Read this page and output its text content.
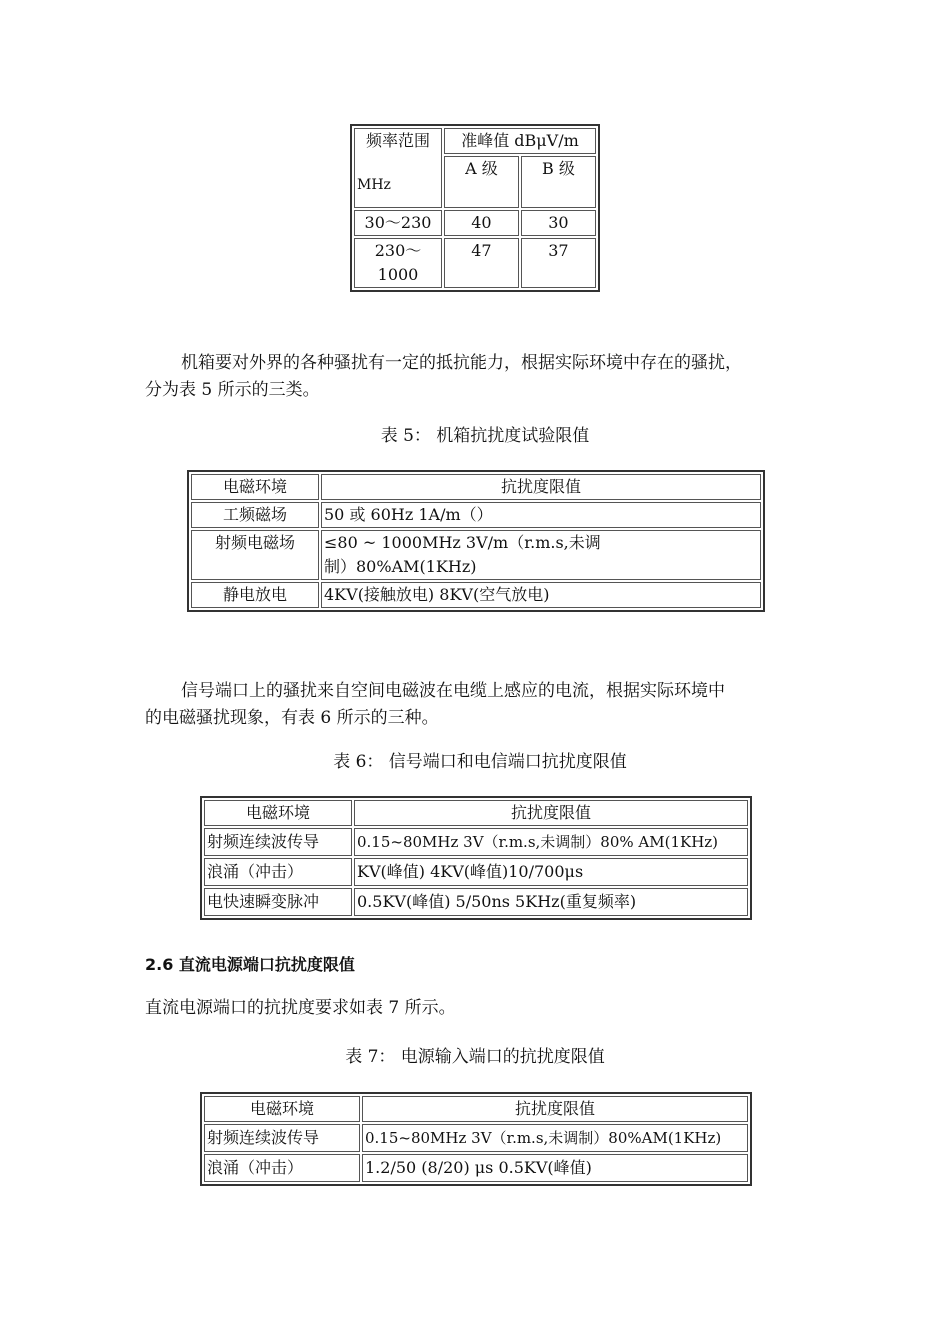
频率范围
MHz	准峰值 dBμV/m	
	A 级	B 级
30～230	40	30

230～
1000	47	37
机箱要对外界的各种骚扰有一定的抵抗能力，根据实际环境中存在的骚扰，
分为表 5 所示的三类。
表 5： 机箱抗扰度试验限值
电磁环境	抗扰度限值
工频磁场	50 或 60Hz 1A/m（）
射频电磁场	≤80 ~ 1000MHz 3V/m（r.m.s,未调
制）80%AM(1KHz)

静电放电	4KV(接触放电) 8KV(空气放电)
信号端口上的骚扰来自空间电磁波在电缆上感应的电流，根据实际环境中
的电磁骚扰现象，有表 6 所示的三种。
表 6： 信号端口和电信端口抗扰度限值
电磁环境	抗扰度限值
射频连续波传导	0.15~80MHz 3V（r.m.s,未调制）80% AM(1KHz)
浪涌（冲击）	KV(峰值) 4KV(峰值)10/700μs
电快速瞬变脉冲	0.5KV(峰值) 5/50ns 5KHz(重复频率)
2.6 直流电源端口抗扰度限值
直流电源端口的抗扰度要求如表 7 所示。
表 7： 电源输入端口的抗扰度限值
电磁环境	抗扰度限值
射频连续波传导	0.15~80MHz 3V（r.m.s,未调制）80%AM(1KHz)
浪涌（冲击）	1.2/50 (8/20) μs 0.5KV(峰值)
